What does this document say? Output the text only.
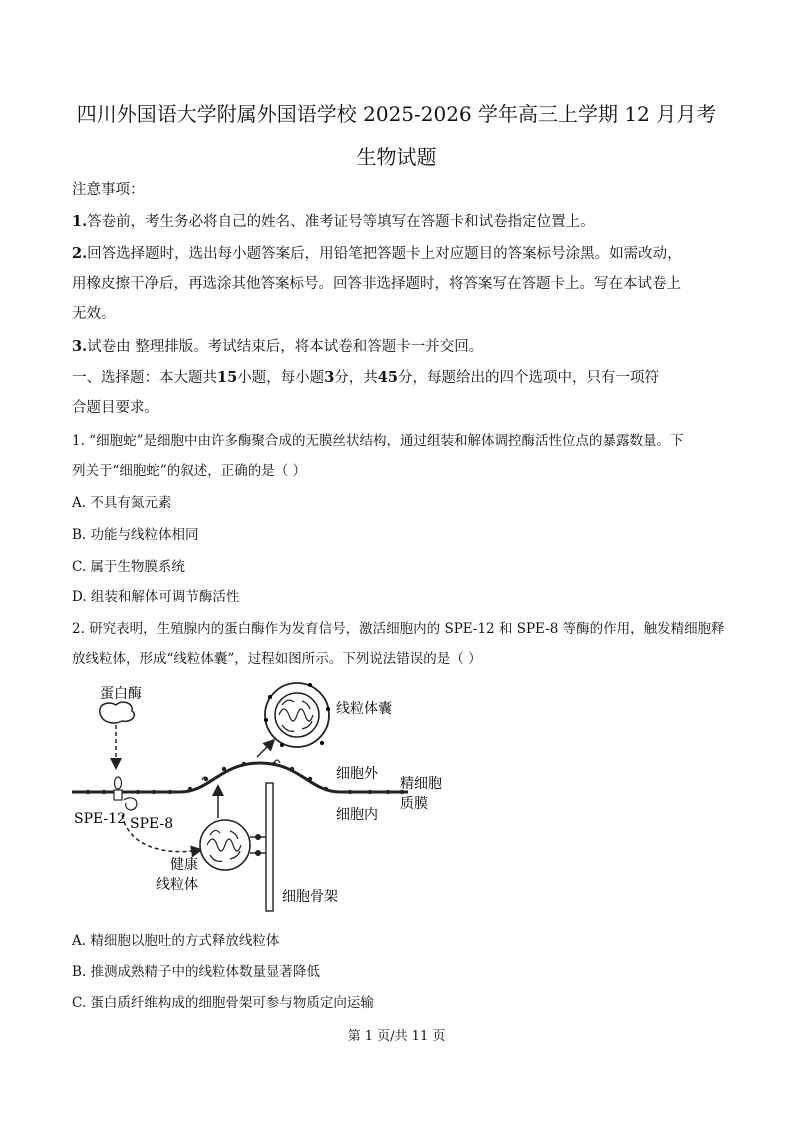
四川外国语大学附属外国语学校 2025-2026 学年高三上学期 12 月月考
生物试题
注意事项：
1.答卷前，考生务必将自己的姓名、准考证号等填写在答题卡和试卷指定位置上。
2.回答选择题时，选出每小题答案后，用铅笔把答题卡上对应题目的答案标号涂黑。如需改动，
用橡皮擦干净后，再选涂其他答案标号。回答非选择题时，将答案写在答题卡上。写在本试卷上
无效。
3.试卷由 整理排版。考试结束后，将本试卷和答题卡一并交回。
一、选择题：本大题共15小题，每小题3分，共45分，每题给出的四个选项中，只有一项符
合题目要求。
1. “细胞蛇”是细胞中由许多酶聚合成的无膜丝状结构，通过组装和解体调控酶活性位点的暴露数量。下
列关于“细胞蛇”的叙述，正确的是（ ）
A. 不具有氮元素
B. 功能与线粒体相同
C. 属于生物膜系统
D. 组装和解体可调节酶活性
2. 研究表明，生殖腺内的蛋白酶作为发育信号，激活细胞内的 SPE-12 和 SPE-8 等酶的作用，触发精细胞释
放线粒体，形成“线粒体囊”，过程如图所示。下列说法错误的是（ ）
蛋白酶
SPE-12 SPE-8
线粒体囊
细胞外
细胞内
精细胞
质膜
健康
线粒体
细胞骨架
A. 精细胞以胞吐的方式释放线粒体
B. 推测成熟精子中的线粒体数量显著降低
C. 蛋白质纤维构成的细胞骨架可参与物质定向运输
第 1 页/共 11 页
